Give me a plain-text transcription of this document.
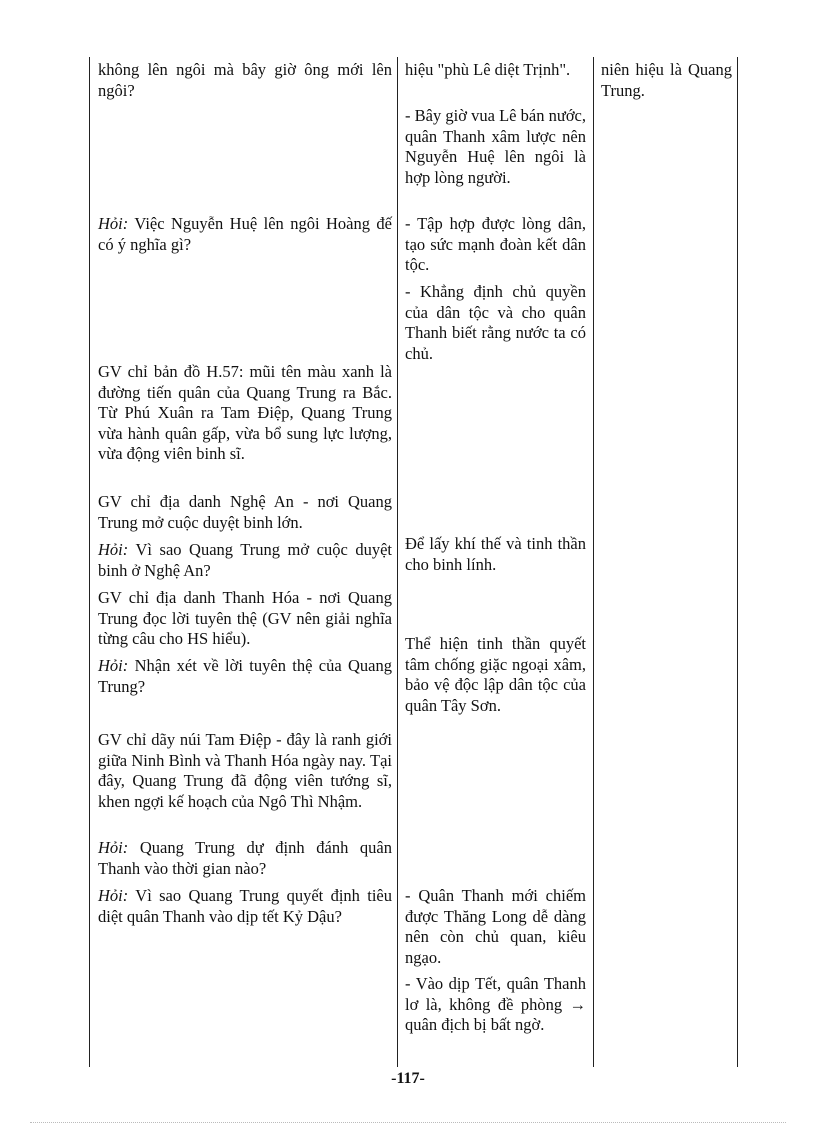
không lên ngôi mà bây giờ ông mới lên ngôi?
Hỏi: Việc Nguyễn Huệ lên ngôi Hoàng đế có ý nghĩa gì?
GV chỉ bản đồ H.57: mũi tên màu xanh là đường tiến quân của Quang Trung ra Bắc. Từ Phú Xuân ra Tam Điệp, Quang Trung vừa hành quân gấp, vừa bổ sung lực lượng, vừa động viên binh sĩ.
GV chỉ địa danh Nghệ An - nơi Quang Trung mở cuộc duyệt binh lớn.
Hỏi: Vì sao Quang Trung mở cuộc duyệt binh ở Nghệ An?
GV chỉ địa danh Thanh Hóa - nơi Quang Trung đọc lời tuyên thệ (GV nên giải nghĩa từng câu cho HS hiểu).
Hỏi: Nhận xét về lời tuyên thệ của Quang Trung?
GV chỉ dãy núi Tam Điệp - đây là ranh giới giữa Ninh Bình và Thanh Hóa ngày nay. Tại đây, Quang Trung đã động viên tướng sĩ, khen ngợi kế hoạch của Ngô Thì Nhậm.
Hỏi: Quang Trung dự định đánh quân Thanh vào thời gian nào?
Hỏi: Vì sao Quang Trung quyết định tiêu diệt quân Thanh vào dịp tết Kỷ Dậu?
hiệu "phù Lê diệt Trịnh".
- Bây giờ vua Lê bán nước, quân Thanh xâm lược nên Nguyễn Huệ lên ngôi là hợp lòng người.
- Tập hợp được lòng dân, tạo sức mạnh đoàn kết dân tộc.
- Khẳng định chủ quyền của dân tộc và cho quân Thanh biết rằng nước ta có chủ.
Để lấy khí thế và tinh thần cho binh lính.
Thể hiện tinh thần quyết tâm chống giặc ngoại xâm, bảo vệ độc lập dân tộc của quân Tây Sơn.
- Quân Thanh mới chiếm được Thăng Long dễ dàng nên còn chủ quan, kiêu ngạo.
- Vào dịp Tết, quân Thanh lơ là, không đề phòng → quân địch bị bất ngờ.
niên hiệu là Quang Trung.
-117-
